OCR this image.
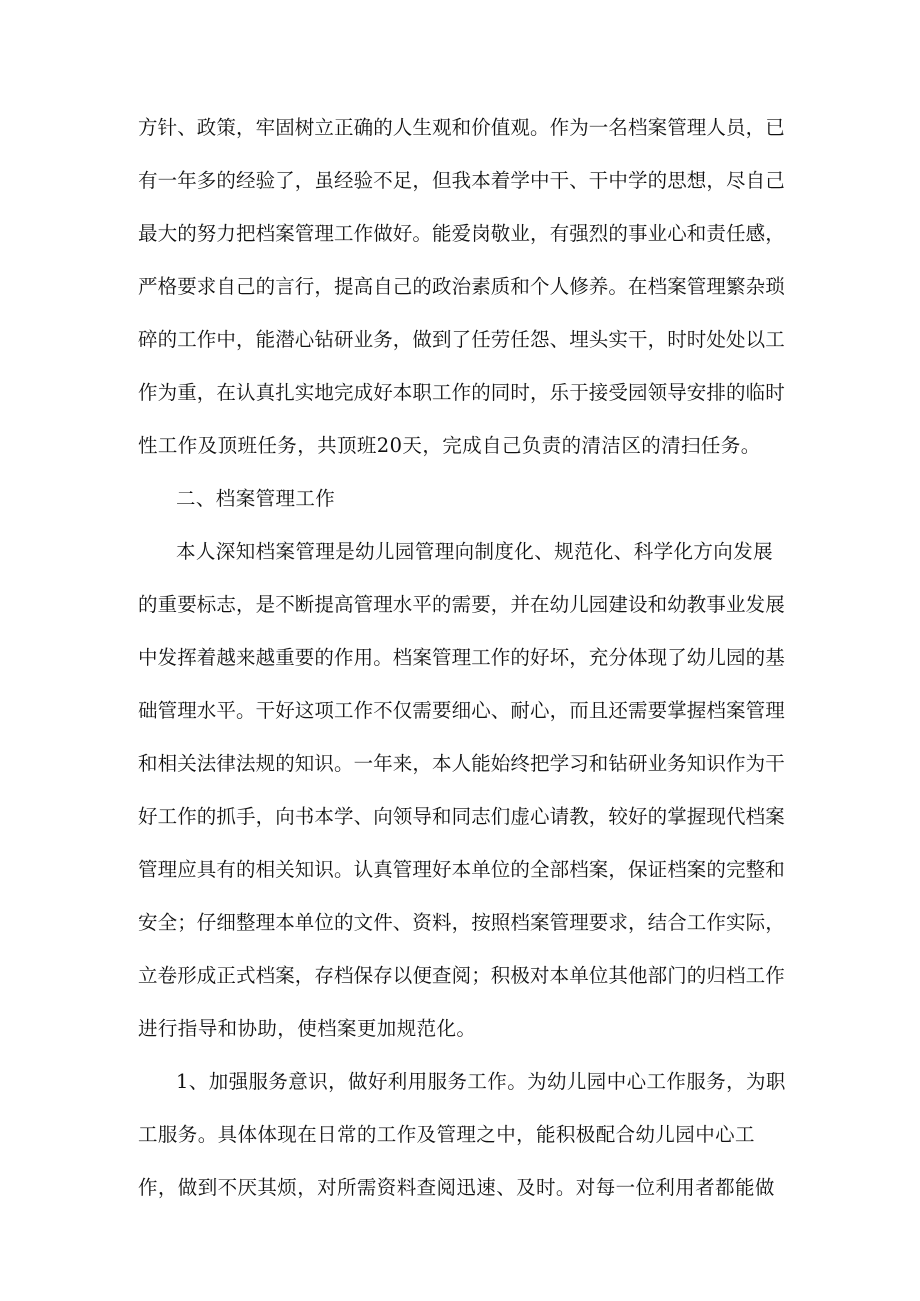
方针、政策，牢固树立正确的人生观和价值观。作为一名档案管理人员，已
有一年多的经验了，虽经验不足，但我本着学中干、干中学的思想，尽自己
最大的努力把档案管理工作做好。能爱岗敬业，有强烈的事业心和责任感，
严格要求自己的言行，提高自己的政治素质和个人修养。在档案管理繁杂琐
碎的工作中，能潜心钻研业务，做到了任劳任怨、埋头实干，时时处处以工
作为重，在认真扎实地完成好本职工作的同时，乐于接受园领导安排的临时
性工作及顶班任务，共顶班20天，完成自己负责的清洁区的清扫任务。
二、档案管理工作
本人深知档案管理是幼儿园管理向制度化、规范化、科学化方向发展
的重要标志，是不断提高管理水平的需要，并在幼儿园建设和幼教事业发展
中发挥着越来越重要的作用。档案管理工作的好坏，充分体现了幼儿园的基
础管理水平。干好这项工作不仅需要细心、耐心，而且还需要掌握档案管理
和相关法律法规的知识。一年来，本人能始终把学习和钻研业务知识作为干
好工作的抓手，向书本学、向领导和同志们虚心请教，较好的掌握现代档案
管理应具有的相关知识。认真管理好本单位的全部档案，保证档案的完整和
安全；仔细整理本单位的文件、资料，按照档案管理要求，结合工作实际，
立卷形成正式档案，存档保存以便查阅；积极对本单位其他部门的归档工作
进行指导和协助，使档案更加规范化。
1、加强服务意识，做好利用服务工作。为幼儿园中心工作服务，为职
工服务。具体体现在日常的工作及管理之中，能积极配合幼儿园中心工
作，做到不厌其烦，对所需资料查阅迅速、及时。对每一位利用者都能做
